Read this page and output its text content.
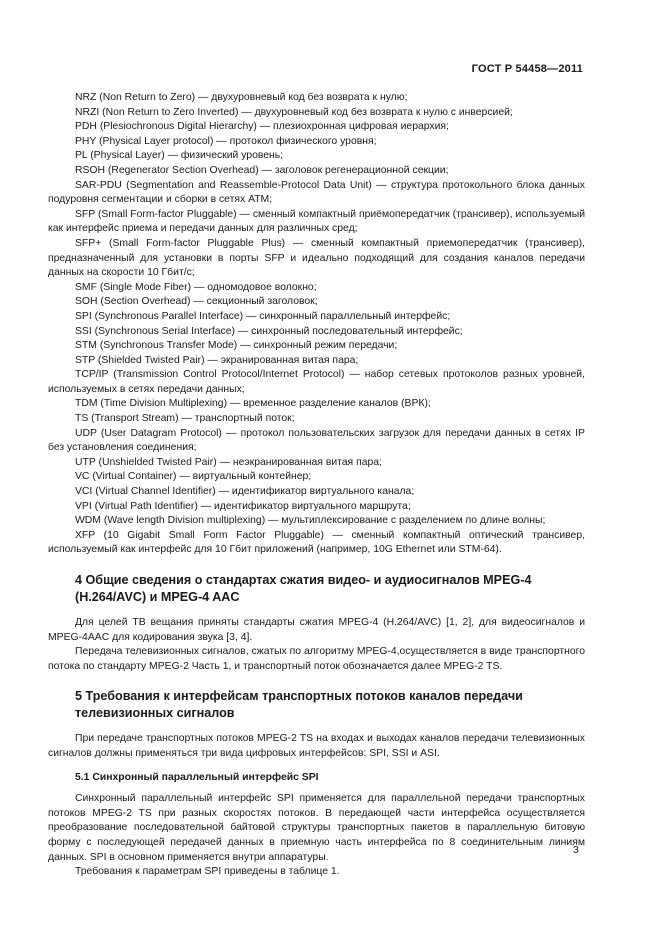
ГОСТ Р 54458—2011

NRZ (Non Return to Zero) — двухуровневый код без возврата к нулю;

NRZI (Non Return to Zero Inverted) — двухуровневый код без возврата к нулю с инверсией;

PDH (Plesiochronous Digital Hierarchy) — плезиохронная цифровая иерархия;

PHY (Physical Layer protocol) — протокол физического уровня;

PL (Physical Layer) — физический уровень;

RSOH (Regenerator Section Overhead) — заголовок регенерационной секции;

SAR-PDU (Segmentation and Reassemble-Protocol Data Unit) — структура протокольного блока данных подуровня сегментации и сборки в сетях АТМ;

SFP (Small Form-factor Pluggable) — сменный компактный приёмопередатчик (трансивер), используемый как интерфейс приема и передачи данных для различных сред;

SFP+ (Small Form-factor Pluggable Plus) — сменный компактный приемопередатчик (трансивер), предназначенный для установки в порты SFP и идеально подходящий для создания каналов передачи данных на скорости 10 Гбит/с;

SMF (Single Mode Fiber) — одномодовое волокно;

SOH (Section Overhead) — секционный заголовок;

SPI (Synchronous Parallel Interface) — синхронный параллельный интерфейс;

SSI (Synchronous Serial Interface) — синхронный последовательный интерфейс;

STM (Synchronous Transfer Mode) — синхронный режим передачи;

STP (Shielded Twisted Pair) — экранированная витая пара;

TCP/IP (Transmission Control Protocol/Internet Protocol) — набор сетевых протоколов разных уровней, используемых в сетях передачи данных;

TDM (Time Division Multiplexing) — временное разделение каналов (ВРК);

TS (Transport Stream) — транспортный поток;

UDP (User Datagram Protocol) — протокол пользовательских загрузок для передачи данных в сетях IP без установления соединения;

UTP (Unshielded Twisted Pair) — неэкранированная витая пара;

VC (Virtual Container) — виртуальный контейнер;

VCI (Virtual Channel Identifier) — идентификатор виртуального канала;

VPI (Virtual Path Identifier) — идентификатор виртуального маршрута;

WDM (Wave length Division multiplexing) — мультиплексирование с разделением по длине волны;

XFP (10 Gigabit Small Form Factor Pluggable) — сменный компактный оптический трансивер, используемый как интерфейс для 10 Гбит приложений (например, 10G Ethernet или STM-64).

4 Общие сведения о стандартах сжатия видео- и аудиосигналов MPEG-4 (H.264/AVC) и MPEG-4 AAC

Для целей ТВ вещания приняты стандарты сжатия MPEG-4 (H.264/AVC) [1, 2], для видеосигналов и MPEG-4AAC для кодирования звука [3, 4].

Передача телевизионных сигналов, сжатых по алгоритму MPEG-4,осуществляется в виде транспортного потока по стандарту MPEG-2 Часть 1, и транспортный поток обозначается далее MPEG-2 TS.

5 Требования к интерфейсам транспортных потоков каналов передачи телевизионных сигналов

При передаче транспортных потоков MPEG-2 TS на входах и выходах каналов передачи телевизионных сигналов должны применяться три вида цифровых интерфейсов: SPI, SSI и ASI.

5.1 Синхронный параллельный интерфейс SPI

Синхронный параллельный интерфейс SPI применяется для параллельной передачи транспортных потоков MPEG-2 TS при разных скоростях потоков. В передающей части интерфейса осуществляется преобразование последовательной байтовой структуры транспортных пакетов в параллельную битовую форму с последующей передачей данных в приемную часть интерфейса по 8 соединительным линиям данных. SPI в основном применяется внутри аппаратуры.

Требования к параметрам SPI приведены в таблице 1.

3
